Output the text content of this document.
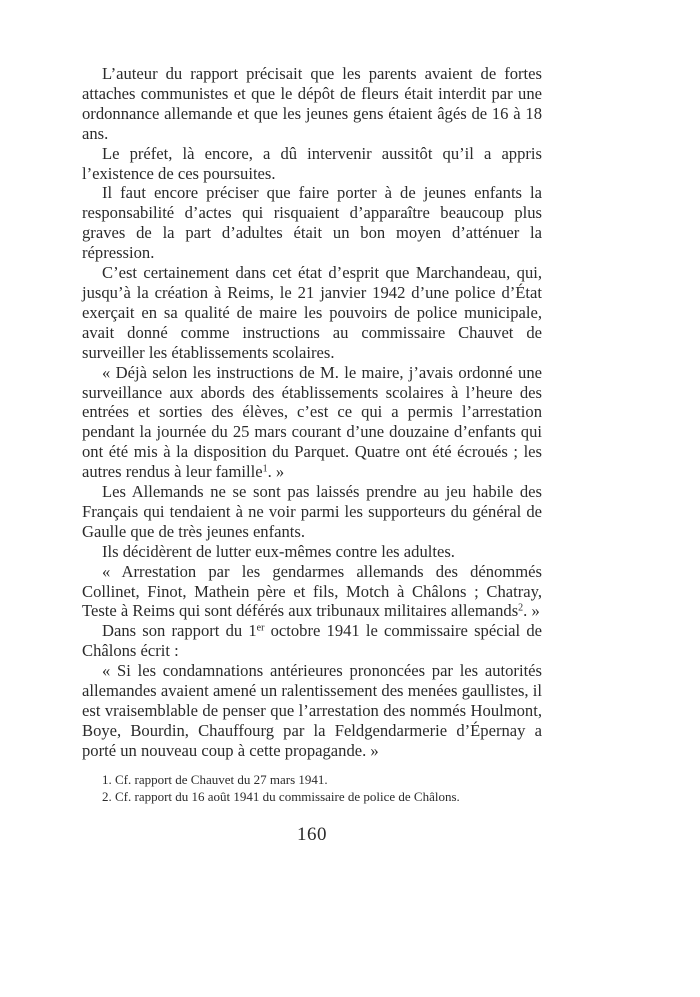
L’auteur du rapport précisait que les parents avaient de fortes attaches communistes et que le dépôt de fleurs était interdit par une ordonnance allemande et que les jeunes gens étaient âgés de 16 à 18 ans.

Le préfet, là encore, a dû intervenir aussitôt qu’il a appris l’existence de ces poursuites.

Il faut encore préciser que faire porter à de jeunes enfants la responsabilité d’actes qui risquaient d’apparaître beaucoup plus graves de la part d’adultes était un bon moyen d’atténuer la répression.

C’est certainement dans cet état d’esprit que Marchandeau, qui, jusqu’à la création à Reims, le 21 janvier 1942 d’une police d’État exerçait en sa qualité de maire les pouvoirs de police municipale, avait donné comme instructions au commissaire Chauvet de surveiller les établissements scolaires.

« Déjà selon les instructions de M. le maire, j’avais ordonné une surveillance aux abords des établissements scolaires à l’heure des entrées et sorties des élèves, c’est ce qui a permis l’arrestation pendant la journée du 25 mars courant d’une douzaine d’enfants qui ont été mis à la disposition du Parquet. Quatre ont été écroués ; les autres rendus à leur famille$^1$. »

Les Allemands ne se sont pas laissés prendre au jeu habile des Français qui tendaient à ne voir parmi les supporteurs du général de Gaulle que de très jeunes enfants.

Ils décidèrent de lutter eux-mêmes contre les adultes.

« Arrestation par les gendarmes allemands des dénommés Collinet, Finot, Mathein père et fils, Motch à Châlons ; Chatray, Teste à Reims qui sont déférés aux tribunaux militaires allemands$^2$. »

Dans son rapport du 1er octobre 1941 le commissaire spécial de Châlons écrit :

« Si les condamnations antérieures prononcées par les autorités allemandes avaient amené un ralentissement des menées gaullistes, il est vraisemblable de penser que l’arrestation des nommés Houlmont, Boye, Bourdin, Chauffourg par la Feldgendarmerie d’Épernay a porté un nouveau coup à cette propagande. »

1. Cf. rapport de Chauvet du 27 mars 1941.
2. Cf. rapport du 16 août 1941 du commissaire de police de Châlons.
160
